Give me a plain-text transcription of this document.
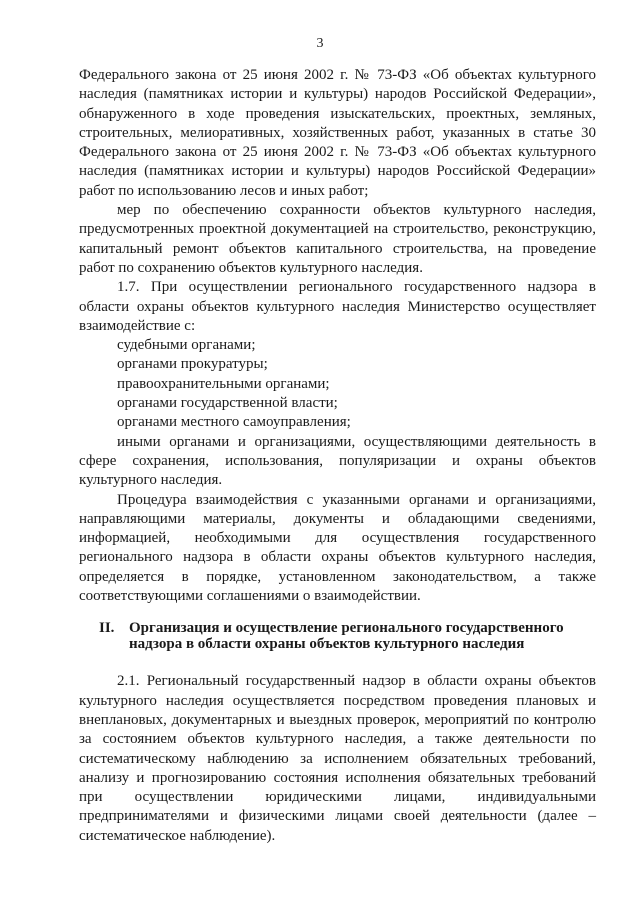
3

Федерального закона от 25 июня 2002 г. № 73-ФЗ «Об объектах культурного наследия (памятниках истории и культуры) народов Российской Федерации», обнаруженного в ходе проведения изыскательских, проектных, земляных, строительных, мелиоративных, хозяйственных работ, указанных в статье 30 Федерального закона от 25 июня 2002 г. № 73-ФЗ «Об объектах культурного наследия (памятниках истории и культуры) народов Российской Федерации» работ по использованию лесов и иных работ;

мер по обеспечению сохранности объектов культурного наследия, предусмотренных проектной документацией на строительство, реконструкцию, капитальный ремонт объектов капитального строительства, на проведение работ по сохранению объектов культурного наследия.

1.7. При осуществлении регионального государственного надзора в области охраны объектов культурного наследия Министерство осуществляет взаимодействие с:

судебными органами;

органами прокуратуры;

правоохранительными органами;

органами государственной власти;

органами местного самоуправления;

иными органами и организациями, осуществляющими деятельность в сфере сохранения, использования, популяризации и охраны объектов культурного наследия.

Процедура взаимодействия с указанными органами и организациями, направляющими материалы, документы и обладающими сведениями, информацией, необходимыми для осуществления государственного регионального надзора в области охраны объектов культурного наследия, определяется в порядке, установленном законодательством, а также соответствующими соглашениями о взаимодействии.

II. Организация и осуществление регионального государственного надзора в области охраны объектов культурного наследия

2.1. Региональный государственный надзор в области охраны объектов культурного наследия осуществляется посредством проведения плановых и внеплановых, документарных и выездных проверок, мероприятий по контролю за состоянием объектов культурного наследия, а также деятельности по систематическому наблюдению за исполнением обязательных требований, анализу и прогнозированию состояния исполнения обязательных требований при осуществлении юридическими лицами, индивидуальными предпринимателями и физическими лицами своей деятельности (далее – систематическое наблюдение).
